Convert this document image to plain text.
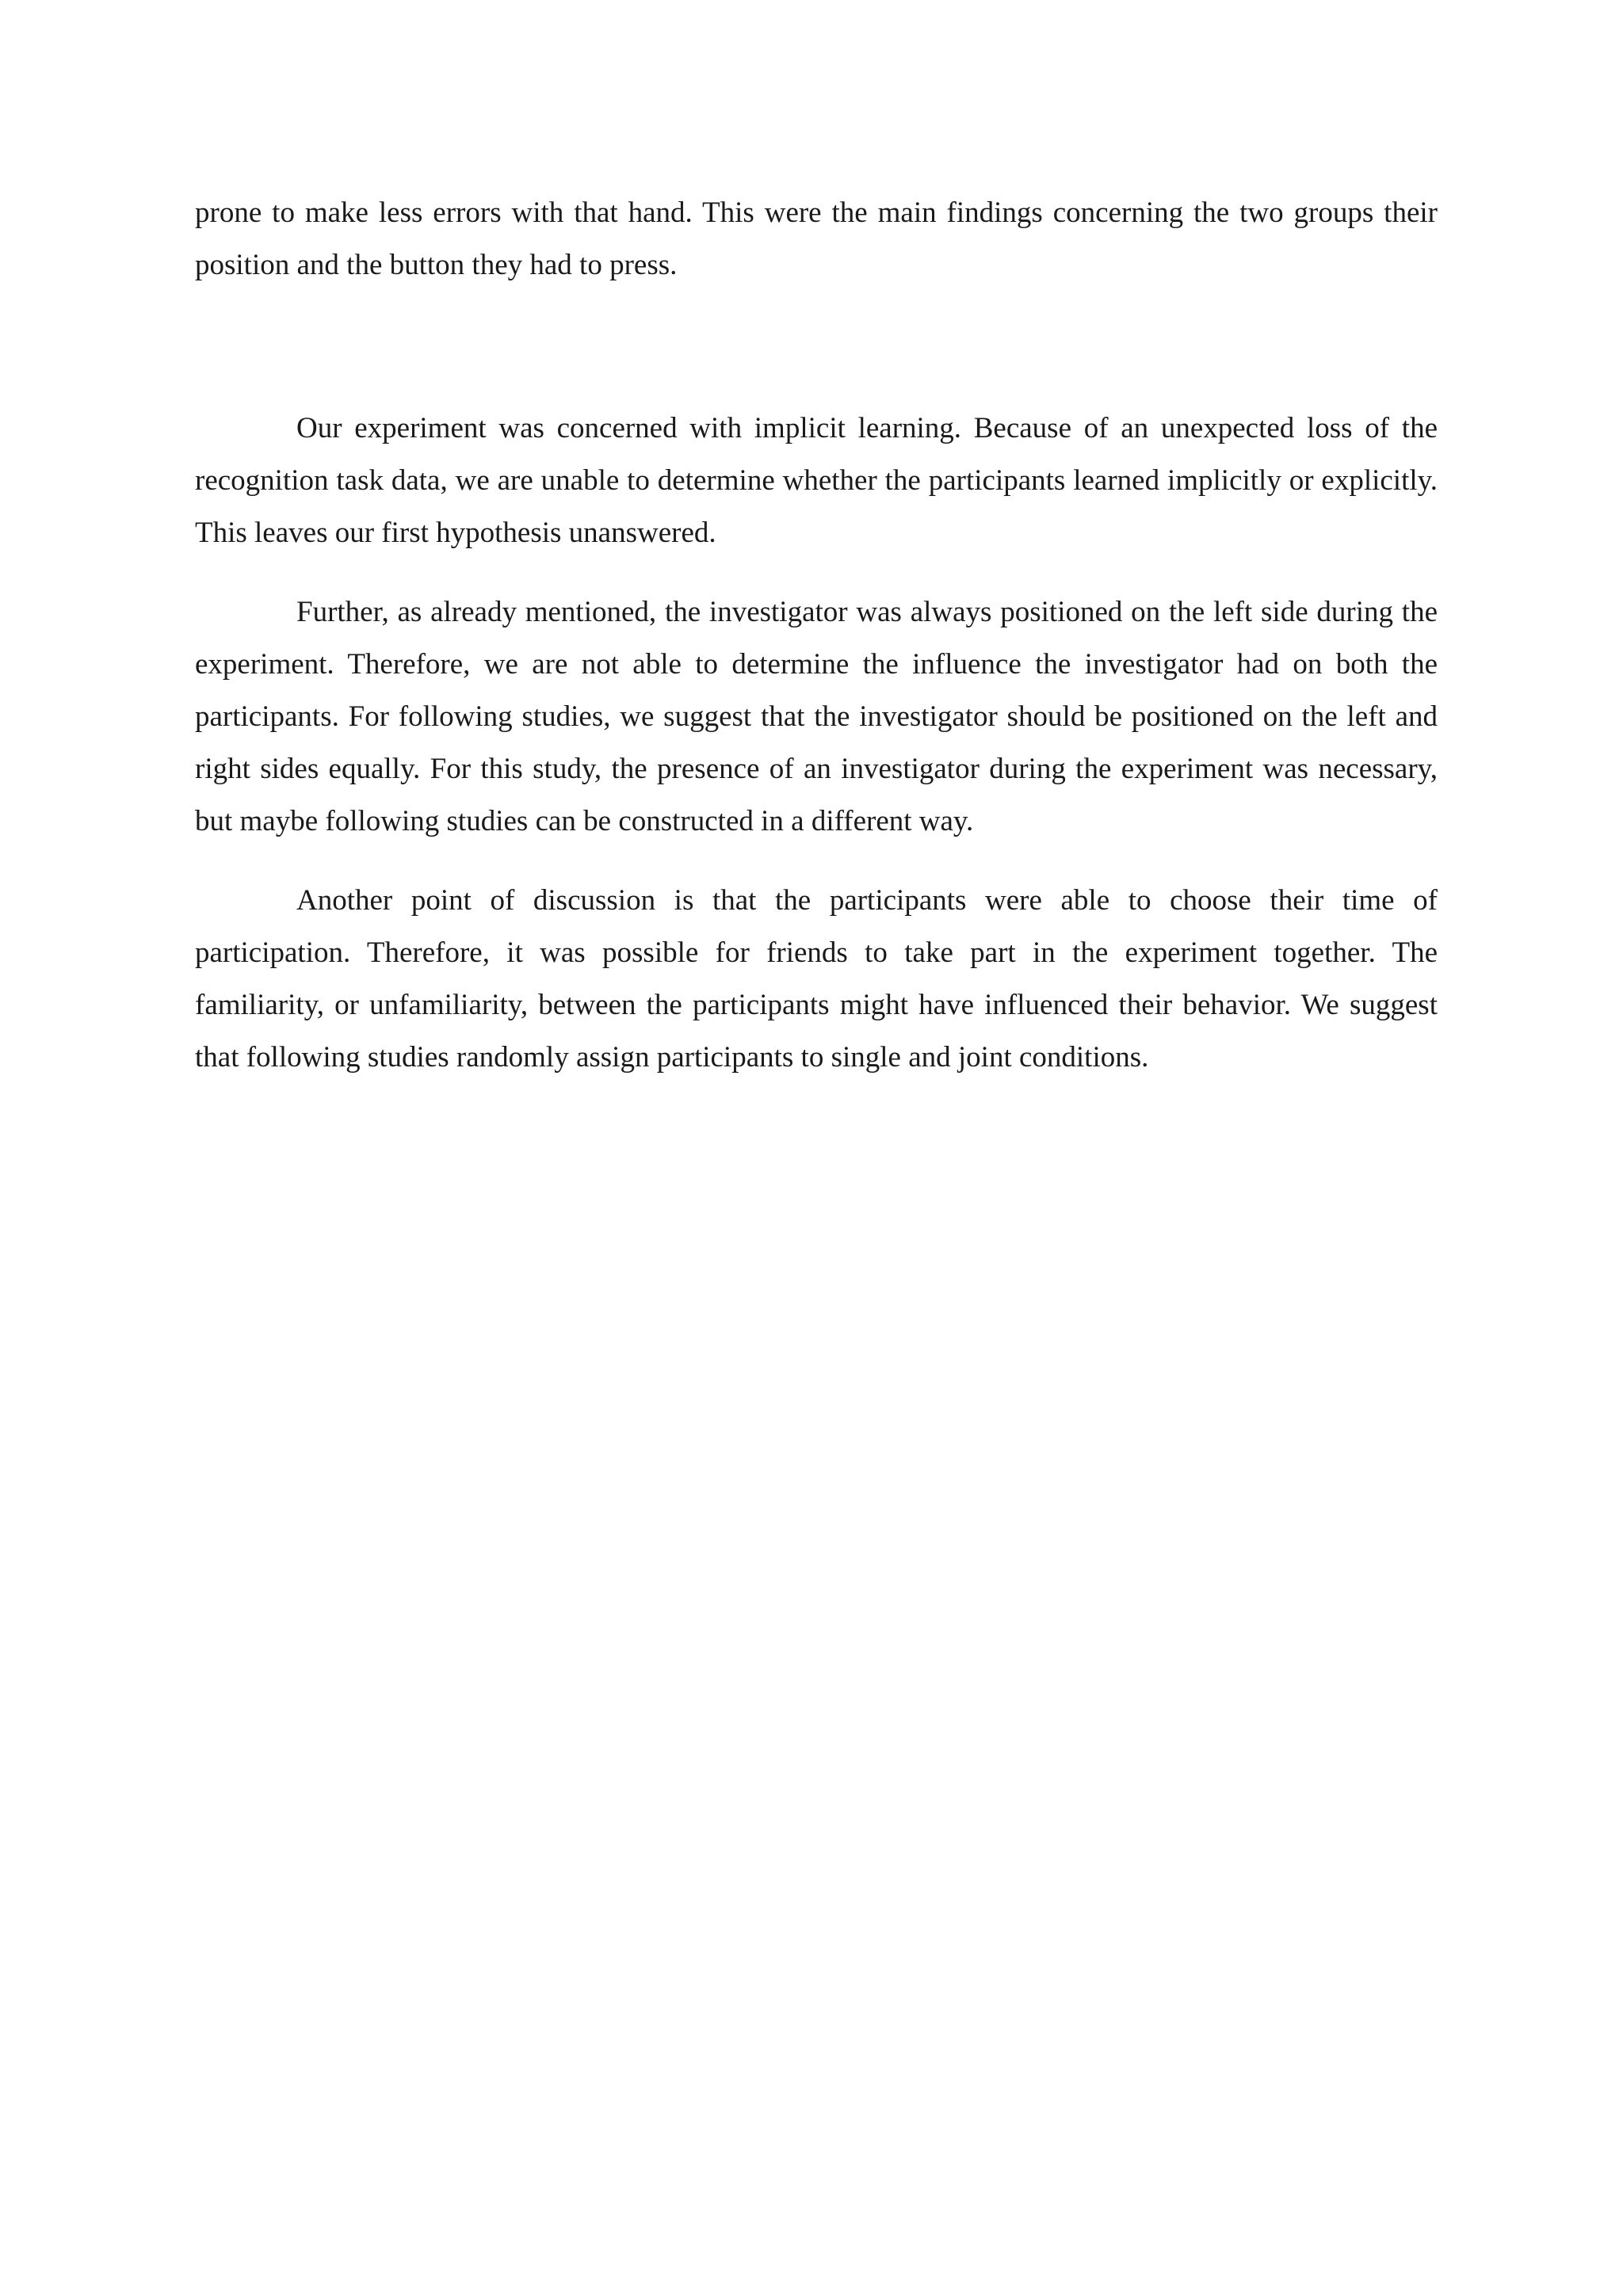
prone to make less errors with that hand. This were the main findings concerning the two groups their position and the button they had to press.

Our experiment was concerned with implicit learning. Because of an unexpected loss of the recognition task data, we are unable to determine whether the participants learned implicitly or explicitly. This leaves our first hypothesis unanswered.

Further, as already mentioned, the investigator was always positioned on the left side during the experiment. Therefore, we are not able to determine the influence the investigator had on both the participants. For following studies, we suggest that the investigator should be positioned on the left and right sides equally. For this study, the presence of an investigator during the experiment was necessary, but maybe following studies can be constructed in a different way.

Another point of discussion is that the participants were able to choose their time of participation. Therefore, it was possible for friends to take part in the experiment together. The familiarity, or unfamiliarity, between the participants might have influenced their behavior. We suggest that following studies randomly assign participants to single and joint conditions.
